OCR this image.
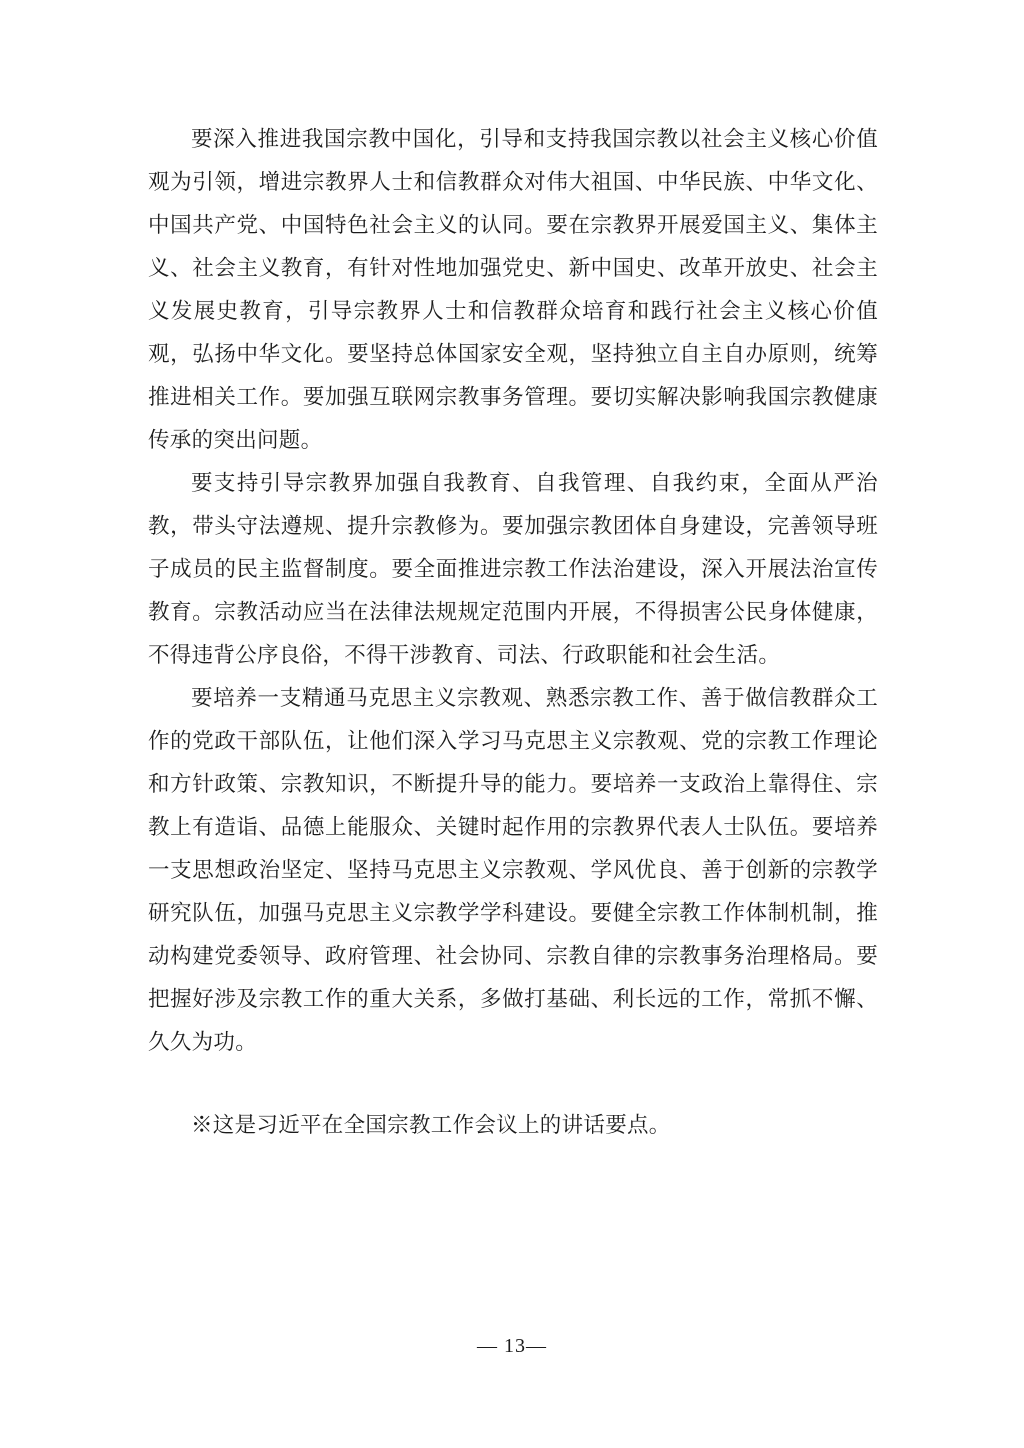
要深入推进我国宗教中国化，引导和支持我国宗教以社会主义核心价值观为引领，增进宗教界人士和信教群众对伟大祖国、中华民族、中华文化、中国共产党、中国特色社会主义的认同。要在宗教界开展爱国主义、集体主义、社会主义教育，有针对性地加强党史、新中国史、改革开放史、社会主义发展史教育，引导宗教界人士和信教群众培育和践行社会主义核心价值观，弘扬中华文化。要坚持总体国家安全观，坚持独立自主自办原则，统筹推进相关工作。要加强互联网宗教事务管理。要切实解决影响我国宗教健康传承的突出问题。

要支持引导宗教界加强自我教育、自我管理、自我约束，全面从严治教，带头守法遵规、提升宗教修为。要加强宗教团体自身建设，完善领导班子成员的民主监督制度。要全面推进宗教工作法治建设，深入开展法治宣传教育。宗教活动应当在法律法规规定范围内开展，不得损害公民身体健康，不得违背公序良俗，不得干涉教育、司法、行政职能和社会生活。

要培养一支精通马克思主义宗教观、熟悉宗教工作、善于做信教群众工作的党政干部队伍，让他们深入学习马克思主义宗教观、党的宗教工作理论和方针政策、宗教知识，不断提升导的能力。要培养一支政治上靠得住、宗教上有造诣、品德上能服众、关键时起作用的宗教界代表人士队伍。要培养一支思想政治坚定、坚持马克思主义宗教观、学风优良、善于创新的宗教学研究队伍，加强马克思主义宗教学学科建设。要健全宗教工作体制机制，推动构建党委领导、政府管理、社会协同、宗教自律的宗教事务治理格局。要把握好涉及宗教工作的重大关系，多做打基础、利长远的工作，常抓不懈、久久为功。

※这是习近平在全国宗教工作会议上的讲话要点。

— 13—
